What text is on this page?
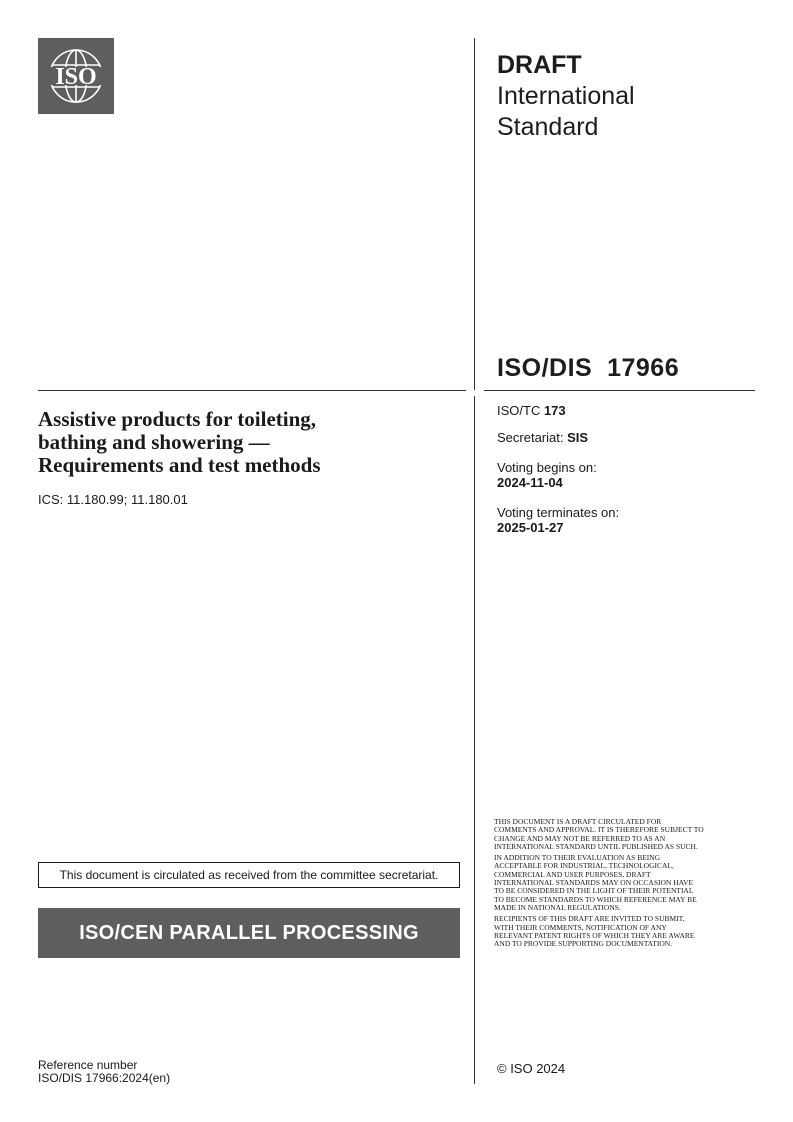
ISO	DRAFT
International
Standard
ISO/DIS  17966
Assistive products for toileting,
bathing and showering —
Requirements and test methods
ICS: 11.180.99; 11.180.01
ISO/TC 173
Secretariat: SIS
Voting begins on:
2024-11-04
Voting terminates on:
2025-01-27

THIS DOCUMENT IS A DRAFT CIRCULATED FOR COMMENTS AND APPROVAL. IT IS THEREFORE SUBJECT TO CHANGE AND MAY NOT BE REFERRED TO AS AN INTERNATIONAL STANDARD UNTIL PUBLISHED AS SUCH.

IN ADDITION TO THEIR EVALUATION AS BEING ACCEPTABLE FOR INDUSTRIAL, TECHNOLOGICAL, COMMERCIAL AND USER PURPOSES, DRAFT INTERNATIONAL STANDARDS MAY ON OCCASION HAVE TO BE CONSIDERED IN THE LIGHT OF THEIR POTENTIAL TO BECOME STANDARDS TO WHICH REFERENCE MAY BE MADE IN NATIONAL REGULATIONS.

RECIPIENTS OF THIS DRAFT ARE INVITED TO SUBMIT, WITH THEIR COMMENTS, NOTIFICATION OF ANY RELEVANT PATENT RIGHTS OF WHICH THEY ARE AWARE AND TO PROVIDE SUPPORTING DOCUMENTATION.

© ISO 2024
This document is circulated as received from the committee secretariat.
ISO/CEN PARALLEL PROCESSING
Reference number
ISO/DIS 17966:2024(en)
